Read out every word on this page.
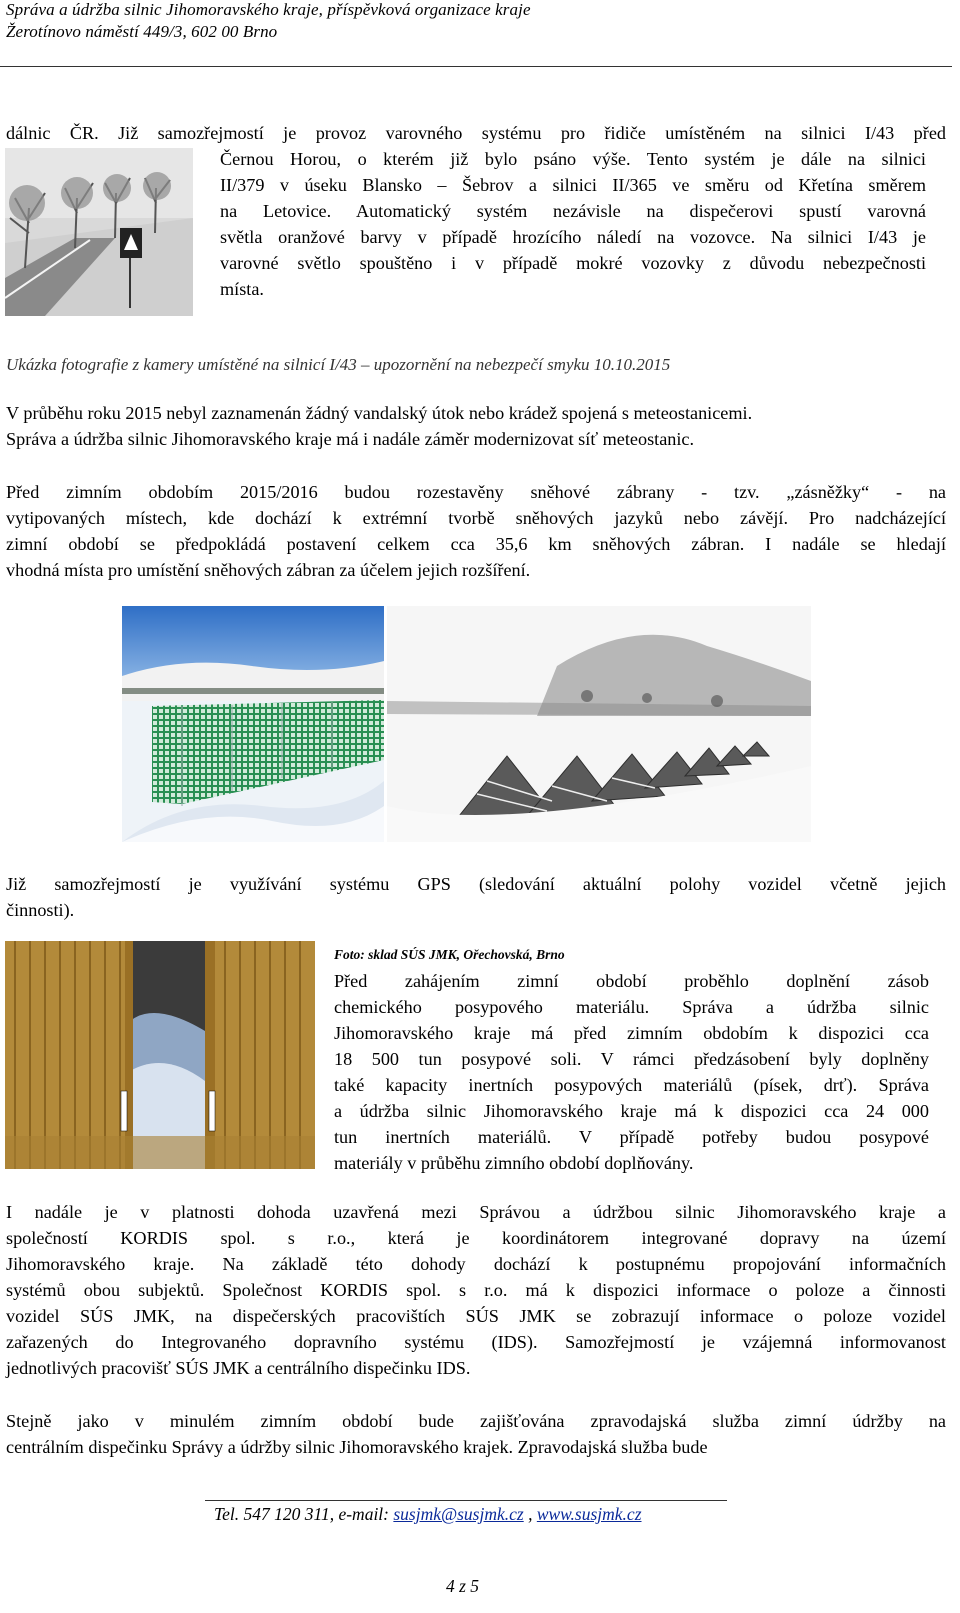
Správa a údržba silnic Jihomoravského kraje, příspěvková organizace kraje
Žerotínovo náměstí 449/3, 602 00 Brno
dálnic ČR. Již samozřejmostí je provoz varovného systému pro řidiče umístěném na silnici I/43 před
Černou Horou, o kterém již bylo psáno výše. Tento systém je dále na silnici
II/379 v úseku Blansko – Šebrov a silnici II/365 ve směru od Křetína směrem
na Letovice. Automatický systém nezávisle na dispečerovi spustí varovná
světla oranžové barvy v případě hrozícího náledí na vozovce. Na silnici I/43 je
varovné světlo spouštěno i v případě mokré vozovky z důvodu nebezpečnosti
místa.
Ukázka fotografie z kamery umístěné na silnicí I/43 – upozornění na nebezpečí smyku 10.10.2015
V průběhu roku 2015 nebyl zaznamenán žádný vandalský útok nebo krádež spojená s meteostanicemi.
Správa a údržba silnic Jihomoravského kraje má i nadále záměr modernizovat síť meteostanic.
Před zimním obdobím 2015/2016 budou rozestavěny sněhové zábrany - tzv. „zásněžky“ - na
vytipovaných místech, kde dochází k extrémní tvorbě sněhových jazyků nebo závějí. Pro nadcházející
zimní období se předpokládá postavení celkem cca 35,6 km sněhových zábran. I nadále se hledají
vhodná místa pro umístění sněhových zábran za účelem jejich rozšíření.
Již samozřejmostí je využívání systému GPS (sledování aktuální polohy vozidel včetně jejich
činnosti).
Foto: sklad SÚS JMK, Ořechovská, Brno
Před zahájením zimní období proběhlo doplnění zásob
chemického posypového materiálu. Správa a údržba silnic
Jihomoravského kraje má před zimním obdobím k dispozici cca
18 500 tun posypové soli. V rámci předzásobení byly doplněny
také kapacity inertních posypových materiálů (písek, drť). Správa
a údržba silnic Jihomoravského kraje má k dispozici cca 24 000
tun inertních materiálů. V případě potřeby budou posypové
materiály v průběhu zimního období doplňovány.
I nadále je v platnosti dohoda uzavřená mezi Správou a údržbou silnic Jihomoravského kraje a
společností KORDIS spol. s r.o., která je koordinátorem integrované dopravy na území
Jihomoravského kraje. Na základě této dohody dochází k postupnému propojování informačních
systémů obou subjektů. Společnost KORDIS spol. s r.o. má k dispozici informace o poloze a činnosti
vozidel SÚS JMK, na dispečerských pracovištích SÚS JMK se zobrazují informace o poloze vozidel
zařazených do Integrovaného dopravního systému (IDS). Samozřejmostí je vzájemná informovanost
jednotlivých pracovišť SÚS JMK a centrálního dispečinku IDS.
Stejně jako v minulém zimním období bude zajišťována zpravodajská služba zimní údržby na
centrálním dispečinku Správy a údržby silnic Jihomoravského krajek. Zpravodajská služba bude
Tel. 547 120 311, e-mail: susjmk@susjmk.cz , www.susjmk.cz
4 z 5
